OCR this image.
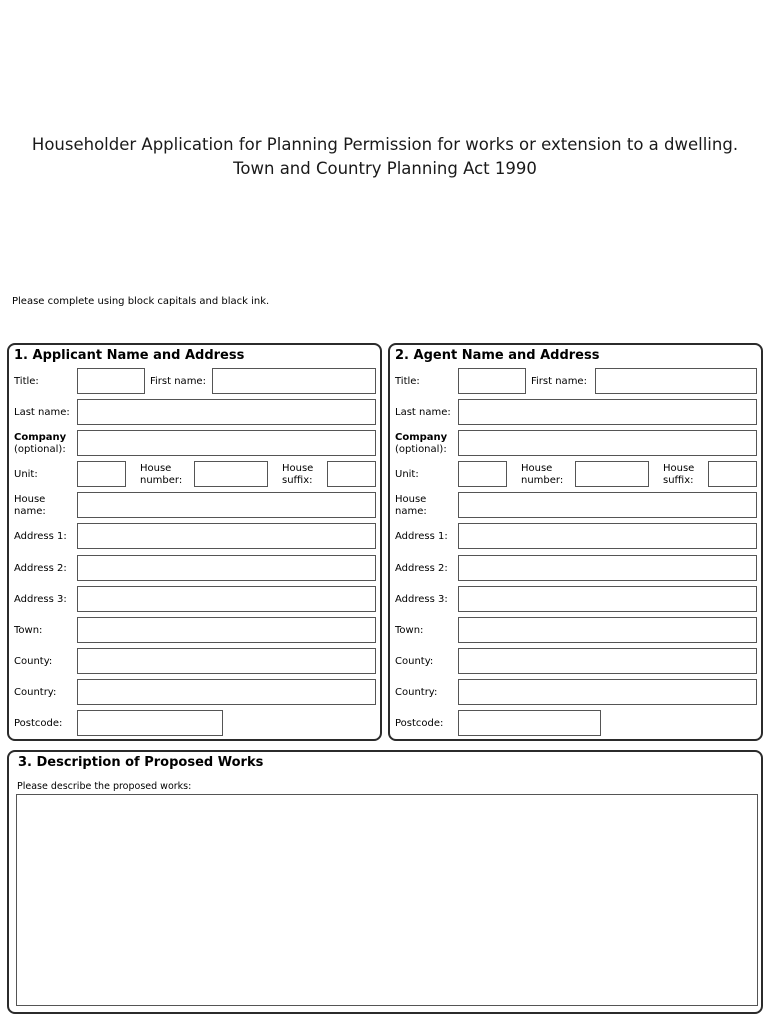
Householder Application for Planning Permission for works or extension to a dwelling.
Town and Country Planning Act 1990
Please complete using block capitals and black ink.
1. Applicant Name and Address
Title:	First name:
Last name:
Company
(optional):
Unit:
House
number:
House
suffix:
House
name:
Address 1:
Address 2:
Address 3:
Town:
County:
Country:
Postcode:
2. Agent Name and Address
Title:	First name:
Last name:
Company
(optional):
Unit:
House
number:
House
suffix:
House
name:
Address 1:
Address 2:
Address 3:
Town:
County:
Country:
Postcode:
3. Description of Proposed Works
Please describe the proposed works:
